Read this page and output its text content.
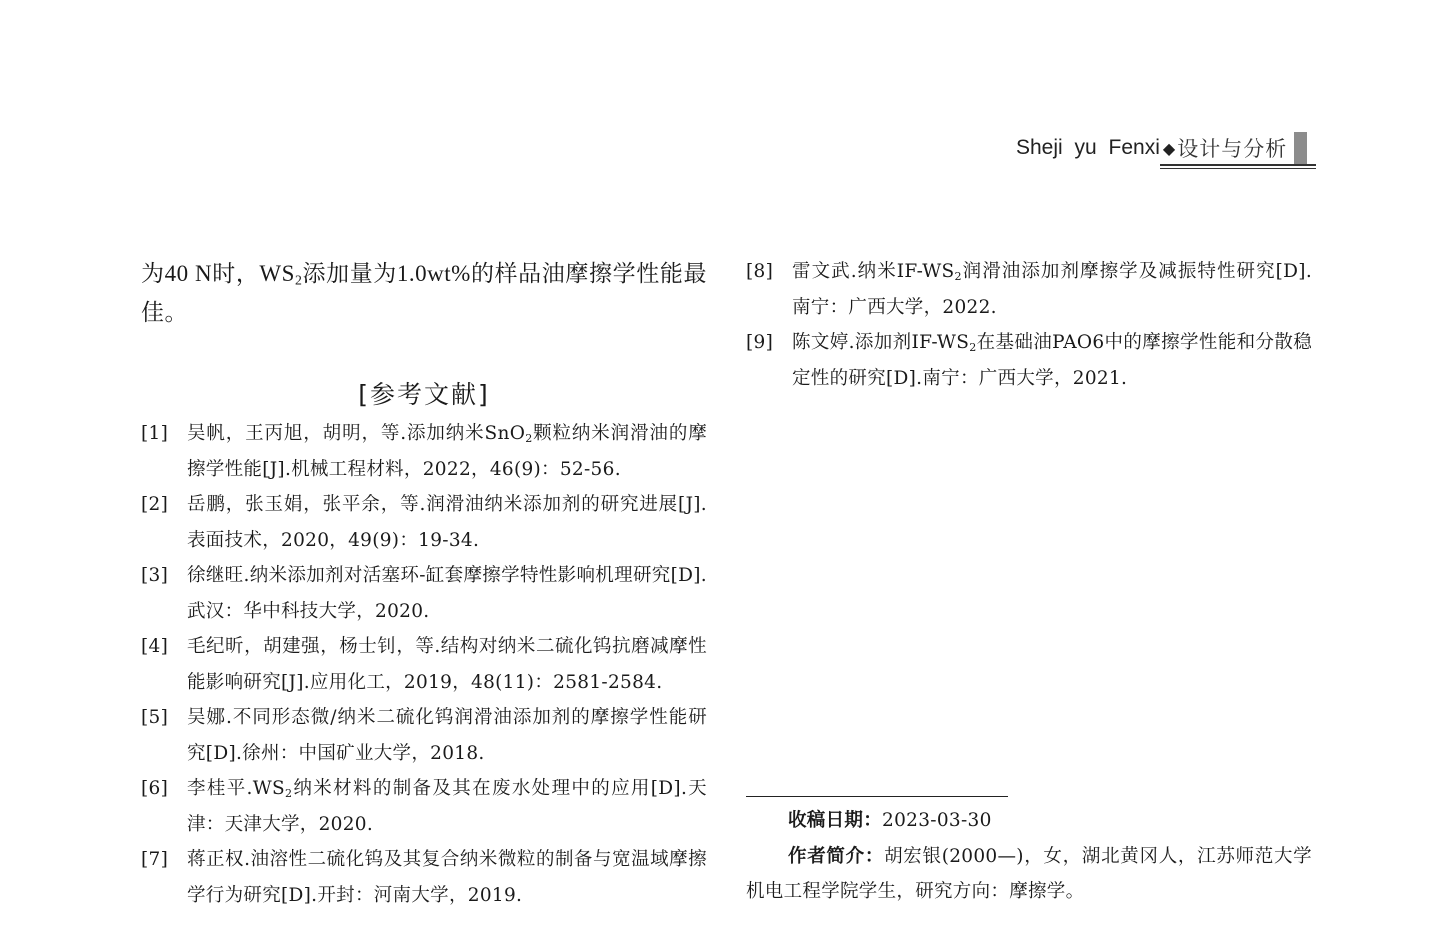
Sheji yu Fenxi ◆ 设计与分析

为40 N时，$WS_2$添加量为1.0wt%的样品油摩擦学性能最佳。

[参考文献]
[1] 吴帆，王丙旭，胡明，等.添加纳米SnO$_2$颗粒纳米润滑油的摩擦学性能[J].机械工程材料，2022，46(9)：52-56.
[2] 岳鹏，张玉娟，张平余，等.润滑油纳米添加剂的研究进展[J].表面技术，2020，49(9)：19-34.
[3] 徐继旺.纳米添加剂对活塞环-缸套摩擦学特性影响机理研究[D].武汉：华中科技大学，2020.
[4] 毛纪昕，胡建强，杨士钊，等.结构对纳米二硫化钨抗磨减摩性能影响研究[J].应用化工，2019，48(11)：2581-2584.
[5] 吴娜.不同形态微/纳米二硫化钨润滑油添加剂的摩擦学性能研究[D].徐州：中国矿业大学，2018.
[6] 李桂平$.WS_2$纳米材料的制备及其在废水处理中的应用[D].天津：天津大学，2020.
[7] 蒋正权.油溶性二硫化钨及其复合纳米微粒的制备与宽温域摩擦学行为研究[D].开封：河南大学，2019.
[8] 雷文武.纳米$IF-WS_2$润滑油添加剂摩擦学及减振特性研究[D].南宁：广西大学，2022.
[9] 陈文婷.添加剂$IF-WS_2$在基础油PAO6中的摩擦学性能和分散稳定性的研究[D].南宁：广西大学，2021.
收稿日期：2023-03-30
作者简介：胡宏银(2000—)，女，湖北黄冈人，江苏师范大学机电工程学院学生，研究方向：摩擦学。
